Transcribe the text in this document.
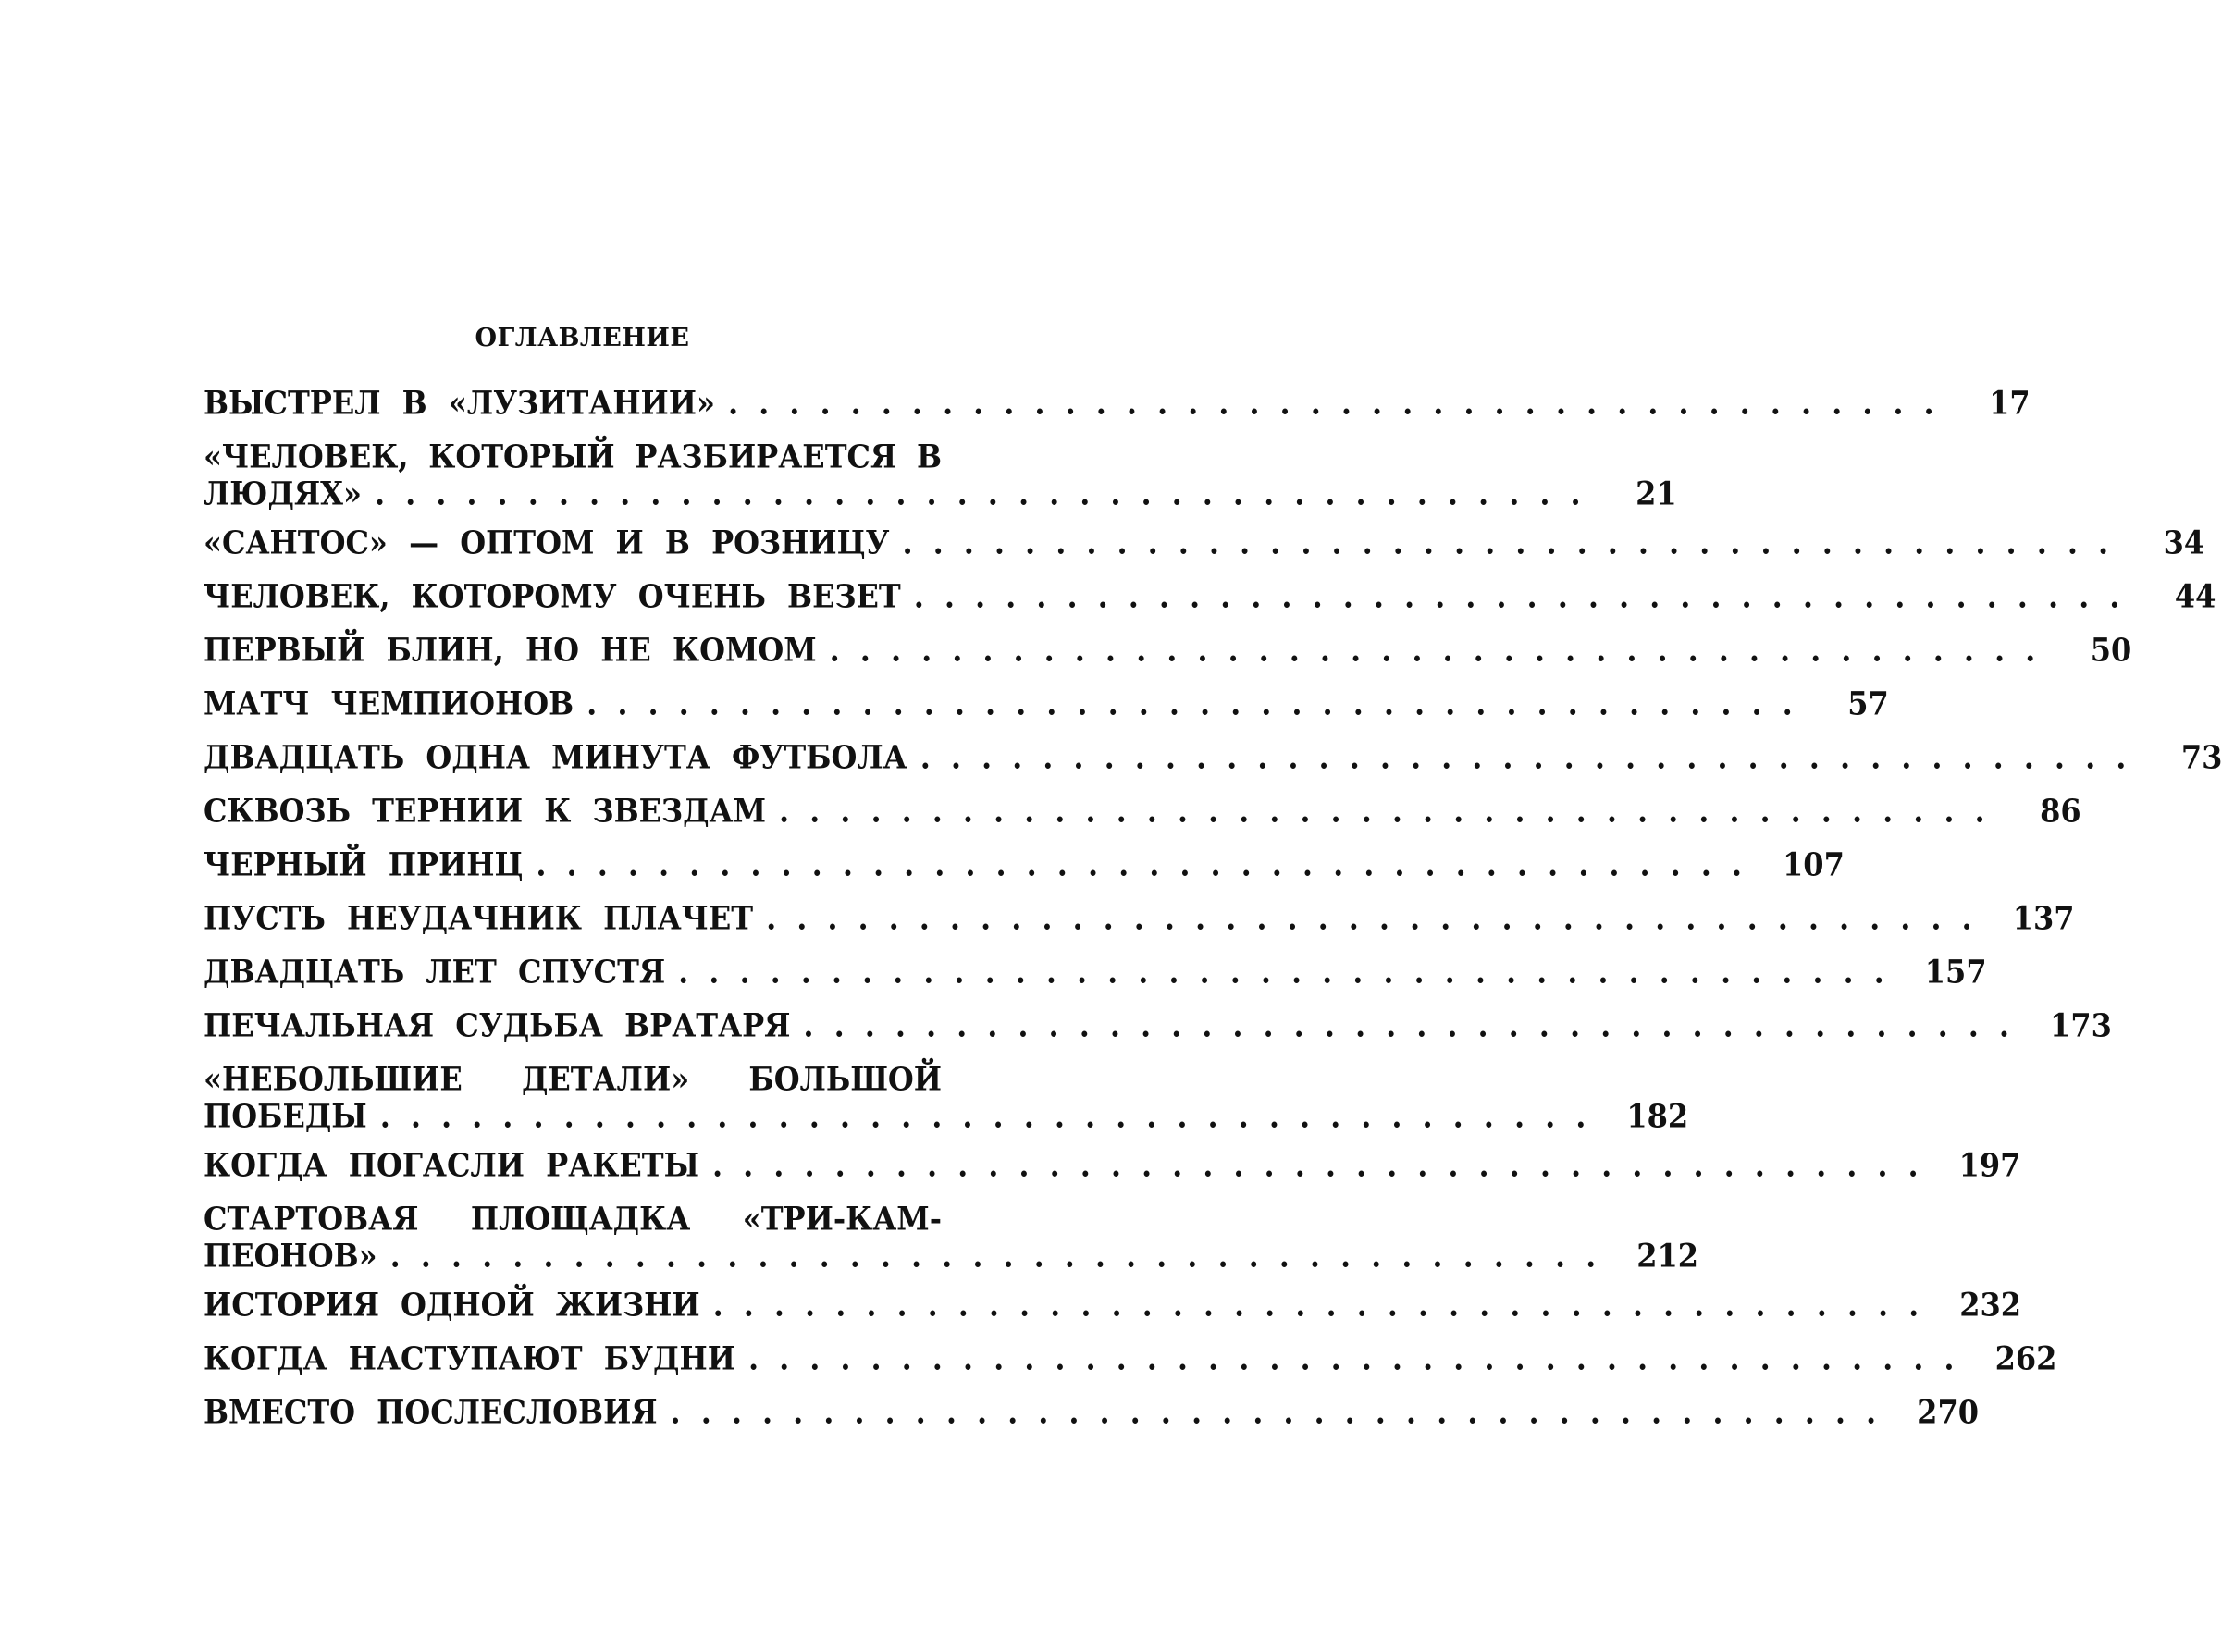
ОГЛАВЛЕНИЕ
ВЫСТРЕЛ В «ЛУЗИТАНИИ» ........................................	17
«ЧЕЛОВЕК, КОТОРЫЙ РАЗБИРАЕТСЯ В
ЛЮДЯХ» ........................................	21
«САНТОС» — ОПТОМ И В РОЗНИЦУ ........................................	34
ЧЕЛОВЕК, КОТОРОМУ ОЧЕНЬ ВЕЗЕТ ........................................	44
ПЕРВЫЙ БЛИН, НО НЕ КОМОМ ........................................	50
МАТЧ ЧЕМПИОНОВ ........................................	57
ДВАДЦАТЬ ОДНА МИНУТА ФУТБОЛА ........................................	73
СКВОЗЬ ТЕРНИИ К ЗВЕЗДАМ ........................................	86
ЧЕРНЫЙ ПРИНЦ ........................................ 107
ПУСТЬ НЕУДАЧНИК ПЛАЧЕТ ........................................ 137
ДВАДЦАТЬ ЛЕТ СПУСТЯ ........................................ 157
ПЕЧАЛЬНАЯ СУДЬБА ВРАТАРЯ ........................................ 173
«НЕБОЛЬШИЕ ДЕТАЛИ» БОЛЬШОЙ
ПОБЕДЫ ........................................ 182
КОГДА ПОГАСЛИ РАКЕТЫ ........................................ 197
СТАРТОВАЯ ПЛОЩАДКА «ТРИ-КАМ-
ПЕОНОВ» ........................................ 212
ИСТОРИЯ ОДНОЙ ЖИЗНИ ........................................ 232
КОГДА НАСТУПАЮТ БУДНИ ........................................ 262
ВМЕСТО ПОСЛЕСЛОВИЯ ........................................ 270
